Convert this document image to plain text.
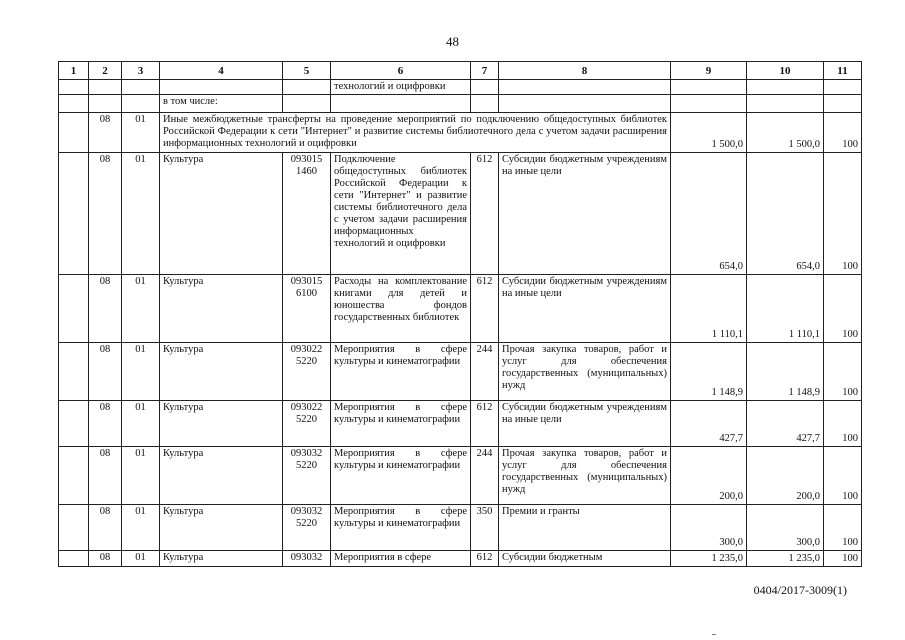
48
1	2	3	4	5	6	7	8	9	10	11
					технологий и оцифровки					
			в том числе:							
	08	01	Иные межбюджетные трансферты на проведение мероприятий по подключению общедоступных библиотек Российской Федерации к сети "Интернет" и развитие системы библиотечного дела с учетом задачи расширения информационных технологий и оцифровки					1 500,0	1 500,0	100
	08	01	Культура	093015 1460	Подключение общедоступных библиотек Российской Федерации к сети "Интернет" и развитие системы библиотечного дела с учетом задачи расширения информационных технологий и оцифровки	612	Субсидии бюджетным учреждениям на иные цели	654,0	654,0	100
	08	01	Культура	093015 6100	Расходы на комплектование книгами для детей и юношества фондов государственных библиотек	612	Субсидии бюджетным учреждениям на иные цели	1 110,1	1 110,1	100
	08	01	Культура	093022 5220	Мероприятия в сфере культуры и кинематографии	244	Прочая закупка товаров, работ и услуг для обеспечения государственных (муниципальных) нужд	1 148,9	1 148,9	100
	08	01	Культура	093022 5220	Мероприятия в сфере культуры и кинематографии	612	Субсидии бюджетным учреждениям на иные цели	427,7	427,7	100
	08	01	Культура	093032 5220	Мероприятия в сфере культуры и кинематографии	244	Прочая закупка товаров, работ и услуг для обеспечения государственных (муниципальных) нужд	200,0	200,0	100
	08	01	Культура	093032 5220	Мероприятия в сфере культуры и кинематографии	350	Премии и гранты	300,0	300,0	100
	08	01	Культура	093032	Мероприятия в сфере	612	Субсидии бюджетным	1 235,0	1 235,0	100
0404/2017-3009(1)
